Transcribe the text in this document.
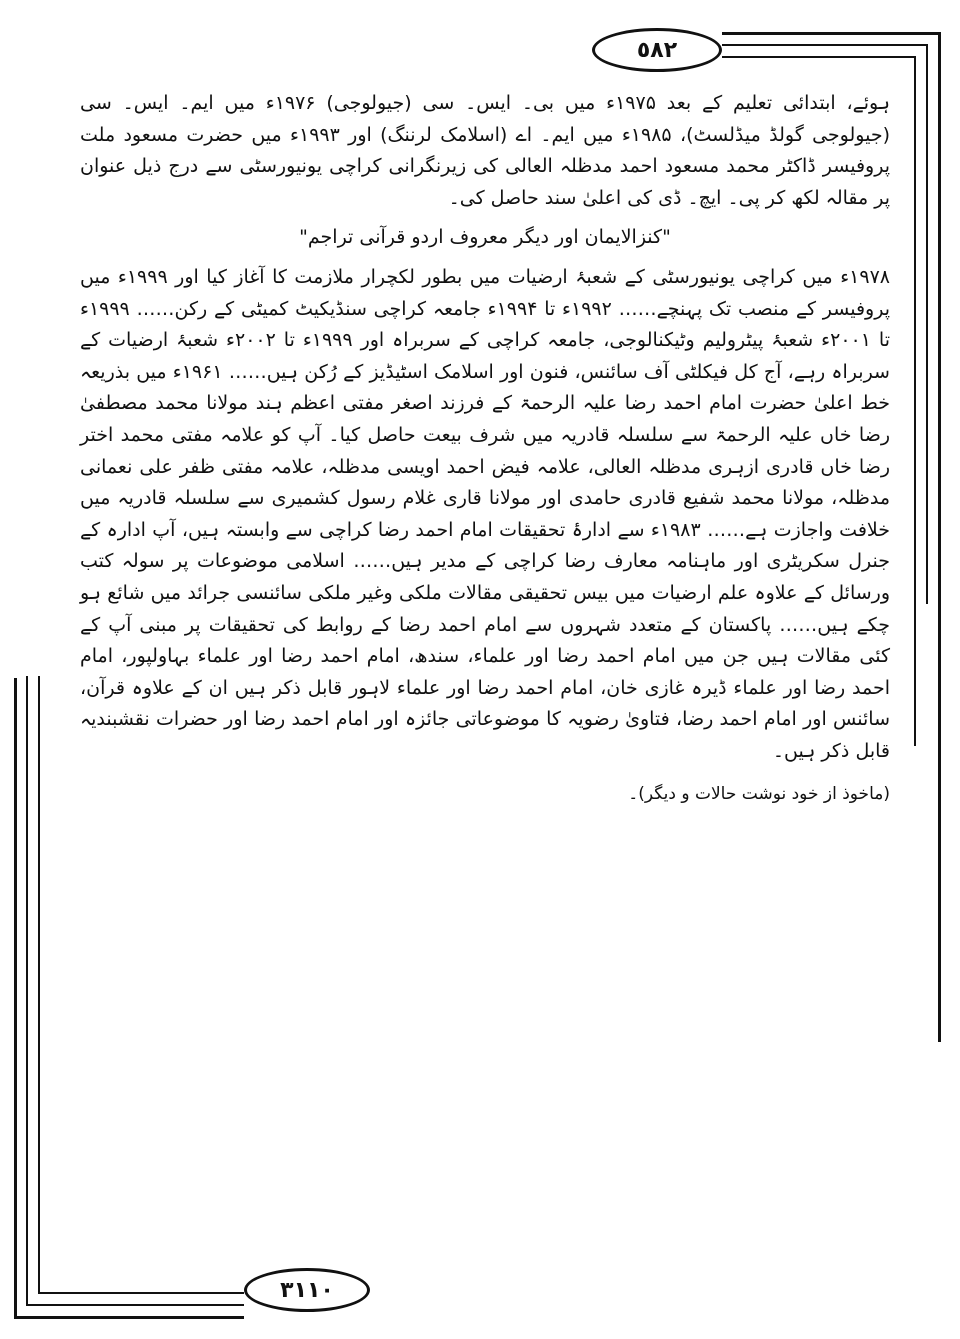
٥٨٢
٣١١٠

ہوئے، ابتدائی تعلیم کے بعد ۱۹۷۵ء میں بی۔ ایس۔ سی (جیولوجی) ۱۹۷۶ء میں ایم۔ ایس۔ سی (جیولوجی گولڈ میڈلسٹ)، ۱۹۸۵ء میں ایم۔ اے (اسلامک لرننگ) اور ۱۹۹۳ء میں حضرت مسعود ملت پروفیسر ڈاکٹر محمد مسعود احمد مدظلہ العالی کی زیرنگرانی کراچی یونیورسٹی سے درج ذیل عنوان پر مقالہ لکھ کر پی۔ ایچ۔ ڈی کی اعلیٰ سند حاصل کی۔

"کنزالایمان اور دیگر معروف اردو قرآنی تراجم"

۱۹۷۸ء میں کراچی یونیورسٹی کے شعبۂ ارضیات میں بطور لکچرار ملازمت کا آغاز کیا اور ۱۹۹۹ء میں پروفیسر کے منصب تک پہنچے…… ۱۹۹۲ء تا ۱۹۹۴ء جامعہ کراچی سنڈیکیٹ کمیٹی کے رکن…… ۱۹۹۹ء تا ۲۰۰۱ء شعبۂ پیٹرولیم وٹیکنالوجی، جامعہ کراچی کے سربراہ اور ۱۹۹۹ء تا ۲۰۰۲ء شعبۂ ارضیات کے سربراہ رہے، آج کل فیکلٹی آف سائنس، فنون اور اسلامک اسٹیڈیز کے رُکن ہیں…… ۱۹۶۱ء میں بذریعہ خط اعلیٰ حضرت امام احمد رضا علیہ الرحمۃ کے فرزند اصغر مفتی اعظم ہند مولانا محمد مصطفیٰ رضا خاں علیہ الرحمۃ سے سلسلہ قادریہ میں شرف بیعت حاصل کیا۔ آپ کو علامہ مفتی محمد اختر رضا خاں قادری ازہری مدظلہ العالی، علامہ فیض احمد اویسی مدظلہ، علامہ مفتی ظفر علی نعمانی مدظلہ، مولانا محمد شفیع قادری حامدی اور مولانا قاری غلام رسول کشمیری سے سلسلہ قادریہ میں خلافت واجازت ہے…… ۱۹۸۳ء سے ادارۂ تحقیقات امام احمد رضا کراچی سے وابستہ ہیں، آپ ادارہ کے جنرل سکریٹری اور ماہنامہ معارف رضا کراچی کے مدیر ہیں…… اسلامی موضوعات پر سولہ کتب ورسائل کے علاوہ علم ارضیات میں بیس تحقیقی مقالات ملکی وغیر ملکی سائنسی جرائد میں شائع ہو چکے ہیں…… پاکستان کے متعدد شہروں سے امام احمد رضا کے روابط کی تحقیقات پر مبنی آپ کے کئی مقالات ہیں جن میں امام احمد رضا اور علماء، سندھ، امام احمد رضا اور علماء بہاولپور، امام احمد رضا اور علماء ڈیرہ غازی خان، امام احمد رضا اور علماء لاہور قابل ذکر ہیں ان کے علاوہ قرآن، سائنس اور امام احمد رضا، فتاویٰ رضویہ کا موضوعاتی جائزہ اور امام احمد رضا اور حضرات نقشبندیہ قابل ذکر ہیں۔

(ماخوذ از خود نوشت حالات و دیگر)۔
